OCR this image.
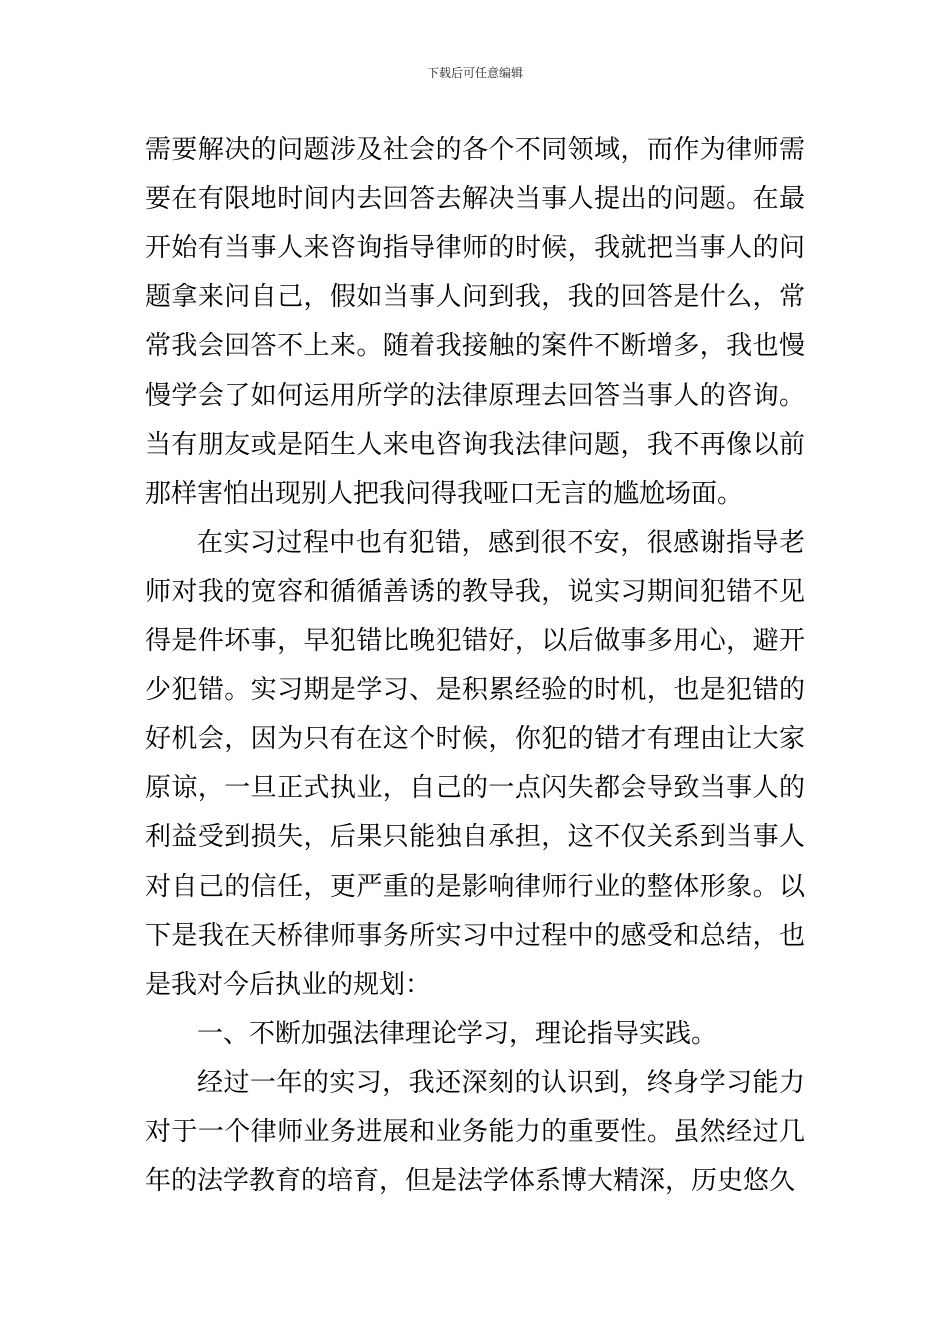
下载后可任意编辑
需要解决的问题涉及社会的各个不同领域，而作为律师需
要在有限地时间内去回答去解决当事人提出的问题。在最
开始有当事人来咨询指导律师的时候，我就把当事人的问
题拿来问自己，假如当事人问到我，我的回答是什么，常
常我会回答不上来。随着我接触的案件不断增多，我也慢
慢学会了如何运用所学的法律原理去回答当事人的咨询。
当有朋友或是陌生人来电咨询我法律问题，我不再像以前
那样害怕出现别人把我问得我哑口无言的尴尬场面。
在实习过程中也有犯错，感到很不安，很感谢指导老
师对我的宽容和循循善诱的教导我，说实习期间犯错不见
得是件坏事，早犯错比晚犯错好，以后做事多用心，避开
少犯错。实习期是学习、是积累经验的时机，也是犯错的
好机会，因为只有在这个时候，你犯的错才有理由让大家
原谅，一旦正式执业，自己的一点闪失都会导致当事人的
利益受到损失，后果只能独自承担，这不仅关系到当事人
对自己的信任，更严重的是影响律师行业的整体形象。以
下是我在天桥律师事务所实习中过程中的感受和总结，也
是我对今后执业的规划：
一、不断加强法律理论学习，理论指导实践。
经过一年的实习，我还深刻的认识到，终身学习能力
对于一个律师业务进展和业务能力的重要性。虽然经过几
年的法学教育的培育，但是法学体系博大精深，历史悠久
